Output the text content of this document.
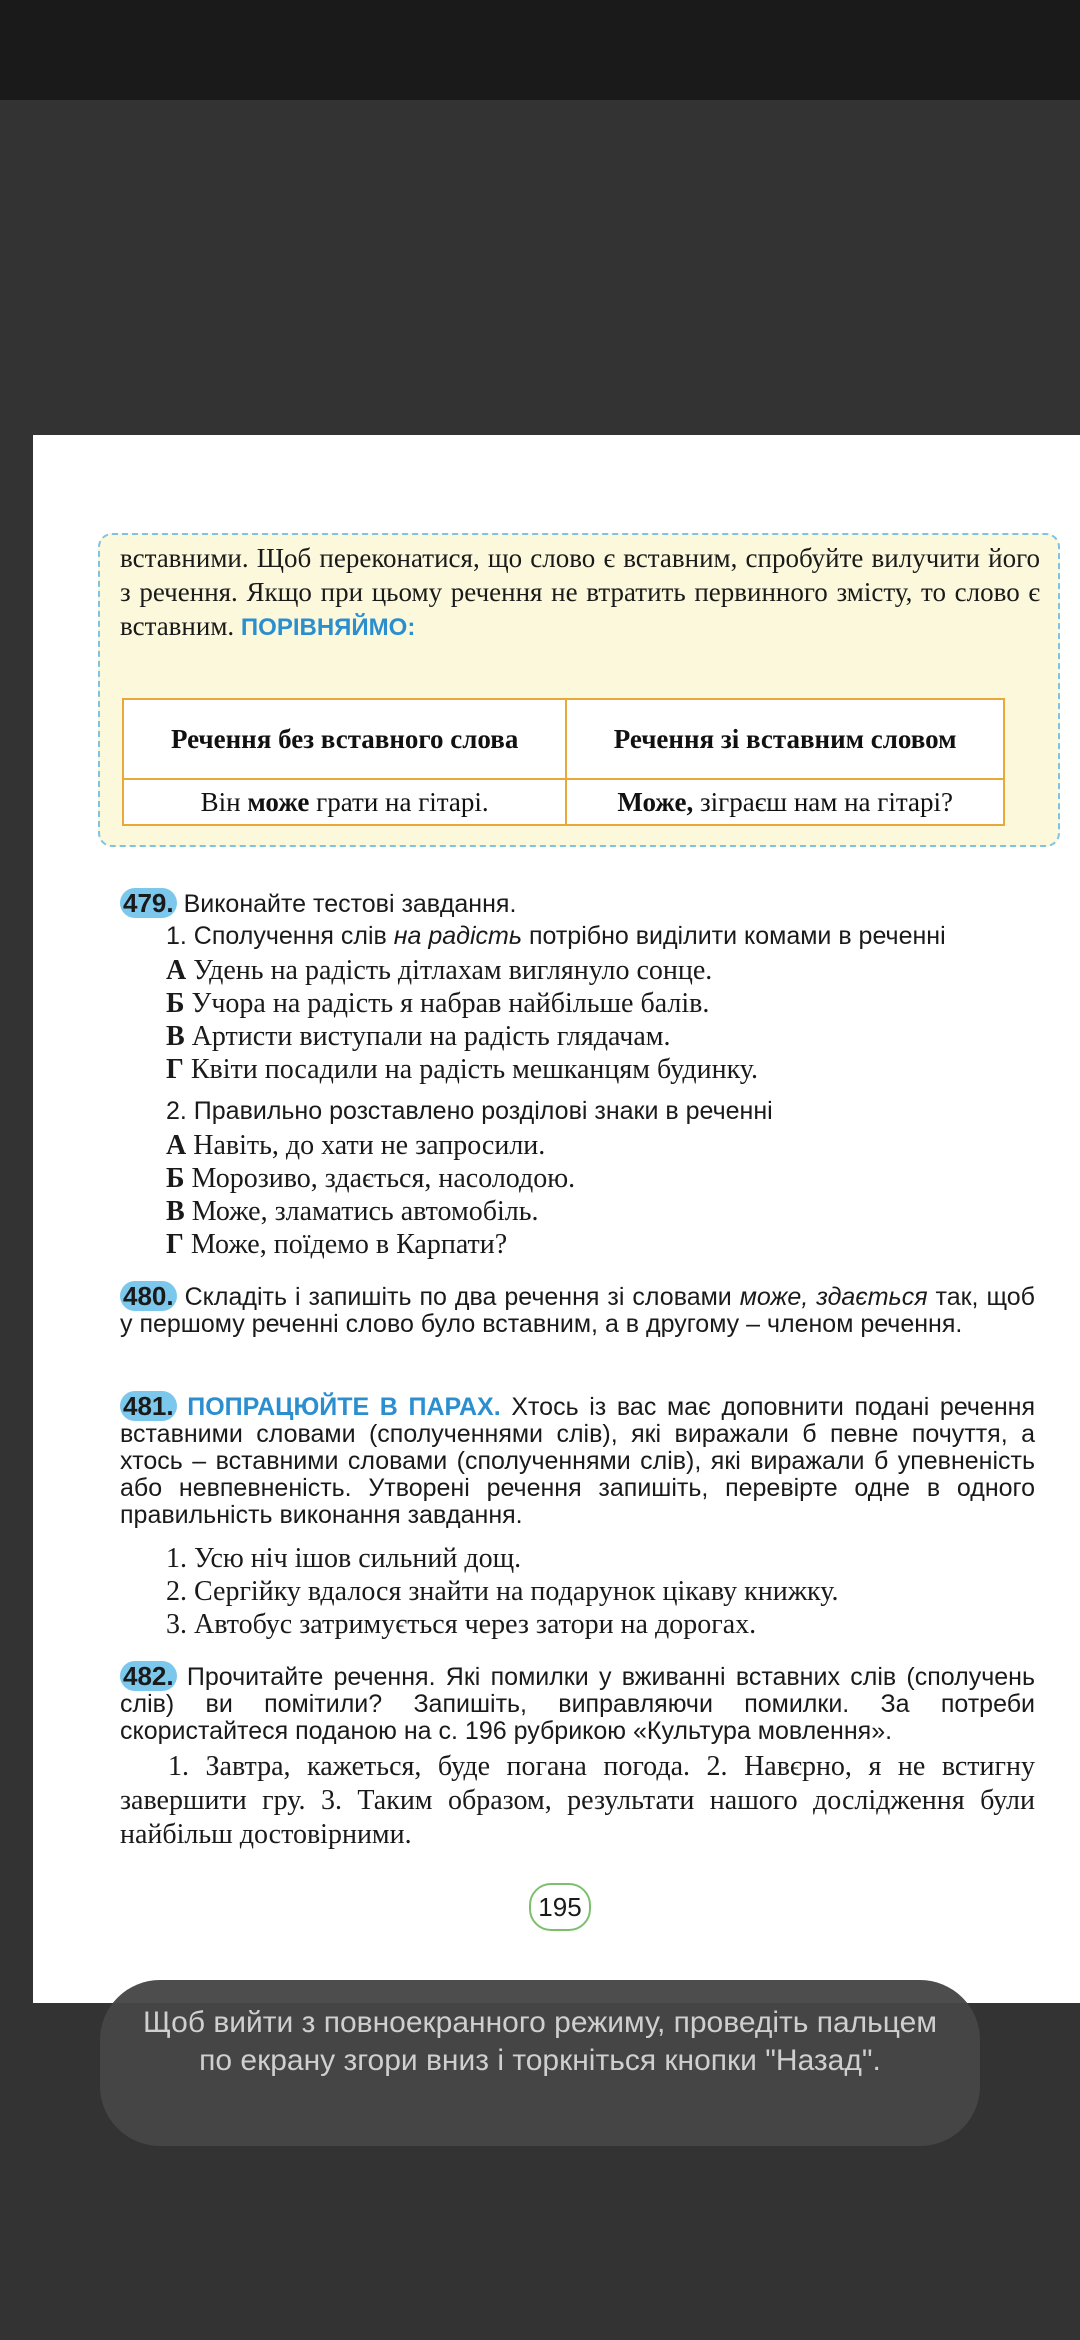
вставними. Щоб переконатися, що слово є вставним, спробуйте вилучити його з речення. Якщо при цьому речення не втратить первинного змісту, то слово є вставним. ПОРІВНЯЙМО:

Речення без вставного слова	Речення зі вставним словом
Він може грати на гітарі.	Може, зіграєш нам на гітарі?
479. Виконайте тестові завдання.
1. Сполучення слів на радість потрібно виділити комами в реченні
А Удень на радість дітлахам виглянуло сонце.
Б Учора на радість я набрав найбільше балів.
В Артисти виступали на радість глядачам.
Г Квіти посадили на радість мешканцям будинку.
2. Правильно розставлено розділові знаки в реченні
А Навіть, до хати не запросили.
Б Морозиво, здається, насолодою.
В Може, зламатись автомобіль.
Г Може, поїдемо в Карпати?

480. Складіть і запишіть по два речення зі словами може, здається так, щоб у першому реченні слово було вставним, а в другому – членом речення.

481. ПОПРАЦЮЙТЕ В ПАРАХ. Хтось із вас має доповнити подані речення вставними словами (сполученнями слів), які виражали б певне почуття, а хтось – вставними словами (сполученнями слів), які виражали б упевненість або невпевненість. Утворені речення запишіть, перевірте одне в одного правильність виконання завдання.

1. Усю ніч ішов сильний дощ.
2. Сергійку вдалося знайти на подарунок цікаву книжку.
3. Автобус затримується через затори на дорогах.

482. Прочитайте речення. Які помилки у вживанні вставних слів (сполучень слів) ви помітили? Запишіть, виправляючи помилки. За потреби скористайтеся поданою на с. 196 рубрикою «Культура мовлення».

1. Завтра, кажеться, буде погана погода. 2. Навєрно, я не встигну завершити гру. 3. Таким образом, результати нашого дослідження були найбільш достовірними.

195

Щоб вийти з повноекранного режиму, проведіть пальцем по екрану згори вниз і торкніться кнопки "Назад".
